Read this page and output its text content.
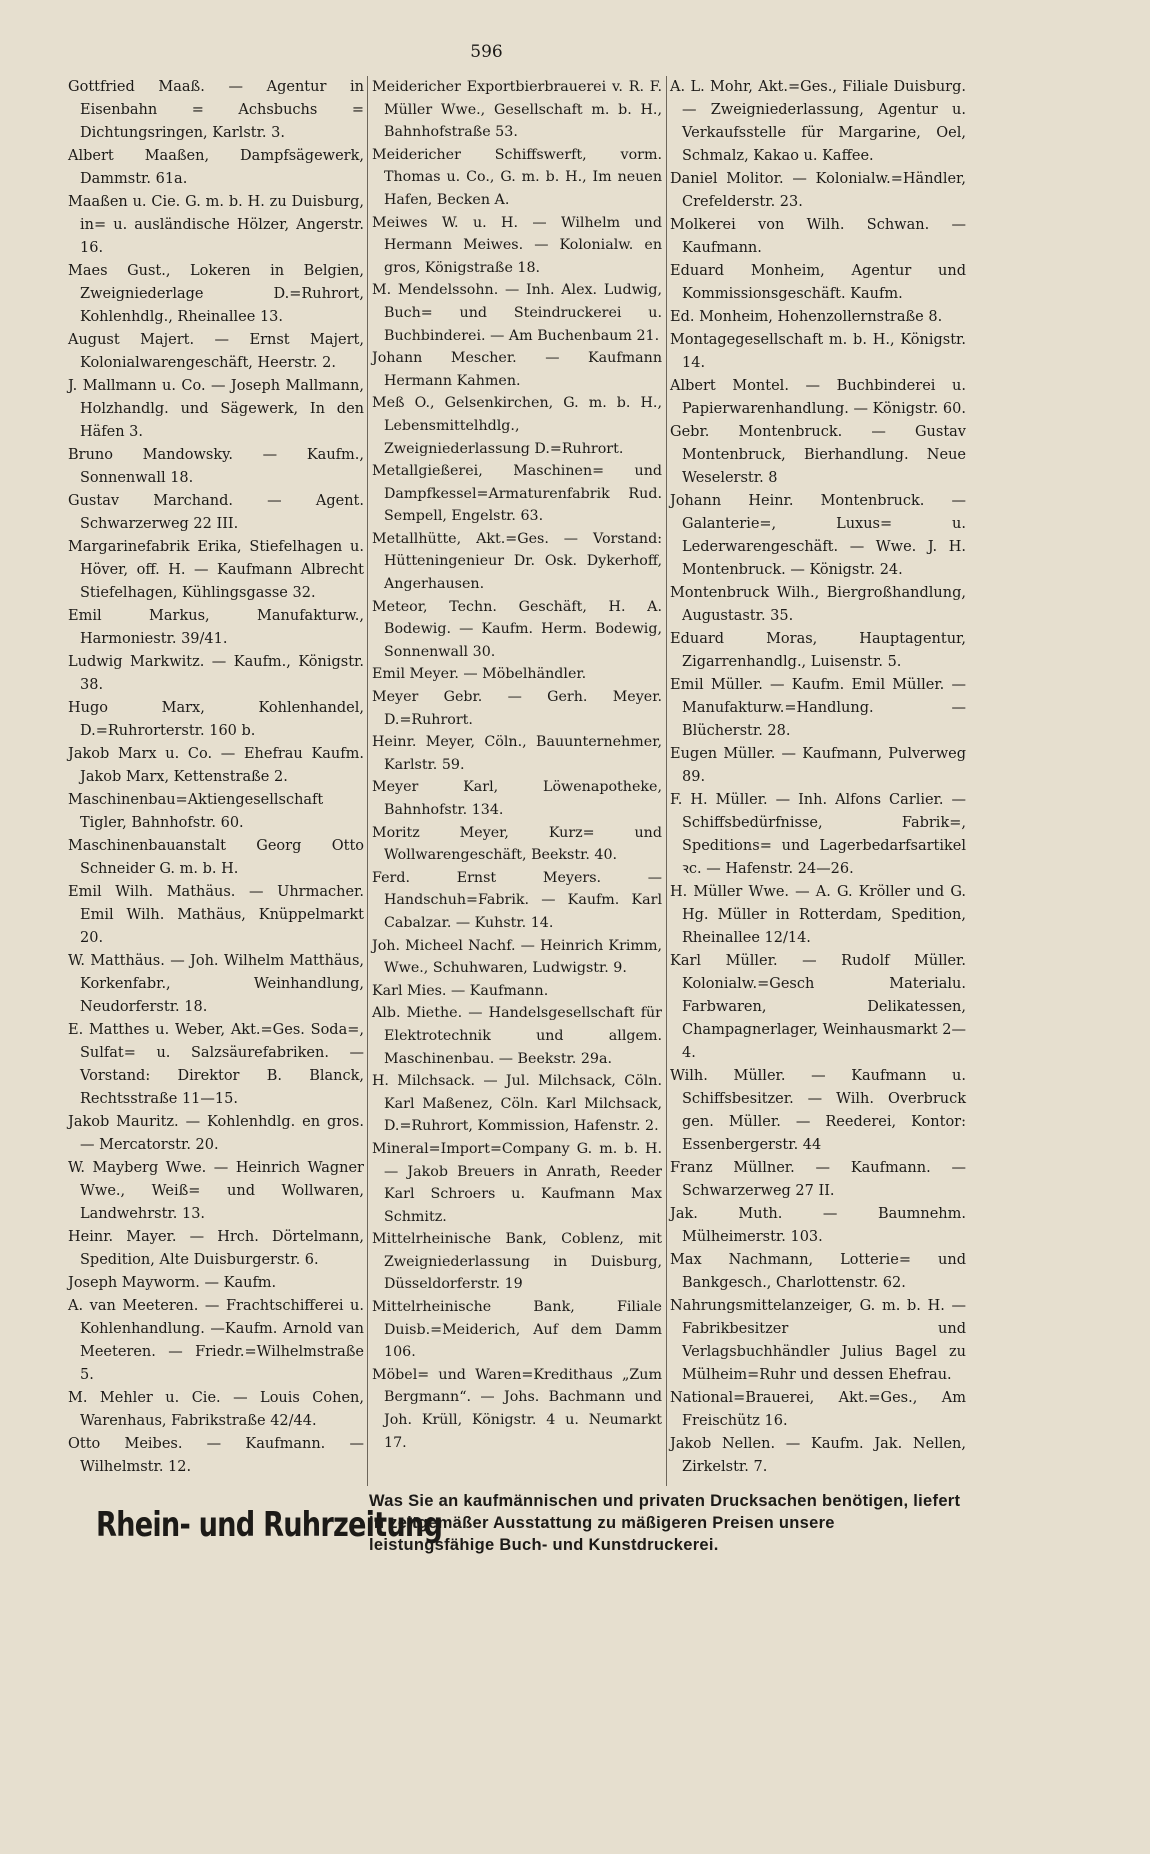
596

Gottfried Maaß. — Agentur in Eisenbahn = Achsbuchs = Dichtungsringen, Karlstr. 3.

Albert Maaßen, Dampfsägewerk, Dammstr. 61a.

Maaßen u. Cie. G. m. b. H. zu Duisburg, in= u. ausländische Hölzer, Angerstr. 16.

Maes Gust., Lokeren in Belgien, Zweigniederlage D.=Ruhrort, Kohlenhdlg., Rheinallee 13.

August Majert. — Ernst Majert, Kolonialwarengeschäft, Heerstr. 2.

J. Mallmann u. Co. — Joseph Mallmann, Holzhandlg. und Sägewerk, In den Häfen 3.

Bruno Mandowsky. — Kaufm., Sonnenwall 18.

Gustav Marchand. — Agent. Schwarzerweg 22 III.

Margarinefabrik Erika, Stiefelhagen u. Höver, off. H. — Kaufmann Albrecht Stiefelhagen, Kühlingsgasse 32.

Emil Markus, Manufakturw., Harmoniestr. 39/41.

Ludwig Markwitz. — Kaufm., Königstr. 38.

Hugo Marx, Kohlenhandel, D.=Ruhrorterstr. 160 b.

Jakob Marx u. Co. — Ehefrau Kaufm. Jakob Marx, Kettenstraße 2.

Maschinenbau=Aktiengesellschaft Tigler, Bahnhofstr. 60.

Maschinenbauanstalt Georg Otto Schneider G. m. b. H.

Emil Wilh. Mathäus. — Uhrmacher. Emil Wilh. Mathäus, Knüppelmarkt 20.

W. Matthäus. — Joh. Wilhelm Matthäus, Korkenfabr., Weinhandlung, Neudorferstr. 18.

E. Matthes u. Weber, Akt.=Ges. Soda=, Sulfat= u. Salzsäurefabriken. — Vorstand: Direktor B. Blanck, Rechtsstraße 11—15.

Jakob Mauritz. — Kohlenhdlg. en gros. — Mercatorstr. 20.

W. Mayberg Wwe. — Heinrich Wagner Wwe., Weiß= und Wollwaren, Landwehrstr. 13.

Heinr. Mayer. — Hrch. Dörtelmann, Spedition, Alte Duisburgerstr. 6.

Joseph Mayworm. — Kaufm.

A. van Meeteren. — Frachtschifferei u. Kohlenhandlung. —Kaufm. Arnold van Meeteren. — Friedr.=Wilhelmstraße 5.

M. Mehler u. Cie. — Louis Cohen, Warenhaus, Fabrikstraße 42/44.

Otto Meibes. — Kaufmann. — Wilhelmstr. 12.

Meidericher Exportbierbrauerei v. R. F. Müller Wwe., Gesellschaft m. b. H., Bahnhofstraße 53.

Meidericher Schiffswerft, vorm. Thomas u. Co., G. m. b. H., Im neuen Hafen, Becken A.

Meiwes W. u. H. — Wilhelm und Hermann Meiwes. — Kolonialw. en gros, Königstraße 18.

M. Mendelssohn. — Inh. Alex. Ludwig, Buch= und Steindruckerei u. Buchbinderei. — Am Buchenbaum 21.

Johann Mescher. — Kaufmann Hermann Kahmen.

Meß O., Gelsenkirchen, G. m. b. H., Lebensmittelhdlg., Zweigniederlassung D.=Ruhrort.

Metallgießerei, Maschinen= und Dampfkessel=Armaturenfabrik Rud. Sempell, Engelstr. 63.

Metallhütte, Akt.=Ges. — Vorstand: Hütteningenieur Dr. Osk. Dykerhoff, Angerhausen.

Meteor, Techn. Geschäft, H. A. Bodewig. — Kaufm. Herm. Bodewig, Sonnenwall 30.

Emil Meyer. — Möbelhändler.

Meyer Gebr. — Gerh. Meyer. D.=Ruhrort.

Heinr. Meyer, Cöln., Bauunternehmer, Karlstr. 59.

Meyer Karl, Löwenapotheke, Bahnhofstr. 134.

Moritz Meyer, Kurz= und Wollwarengeschäft, Beekstr. 40.

Ferd. Ernst Meyers. — Handschuh=Fabrik. — Kaufm. Karl Cabalzar. — Kuhstr. 14.

Joh. Micheel Nachf. — Heinrich Krimm, Wwe., Schuhwaren, Ludwigstr. 9.

Karl Mies. — Kaufmann.

Alb. Miethe. — Handelsgesellschaft für Elektrotechnik und allgem. Maschinenbau. — Beekstr. 29a.

H. Milchsack. — Jul. Milchsack, Cöln. Karl Maßenez, Cöln. Karl Milchsack, D.=Ruhrort, Kommission, Hafenstr. 2.

Mineral=Import=Company G. m. b. H. — Jakob Breuers in Anrath, Reeder Karl Schroers u. Kaufmann Max Schmitz.

Mittelrheinische Bank, Coblenz, mit Zweigniederlassung in Duisburg, Düsseldorferstr. 19

Mittelrheinische Bank, Filiale Duisb.=Meiderich, Auf dem Damm 106.

Möbel= und Waren=Kredithaus „Zum Bergmann“. — Johs. Bachmann und Joh. Krüll, Königstr. 4 u. Neumarkt 17.

A. L. Mohr, Akt.=Ges., Filiale Duisburg. — Zweigniederlassung, Agentur u. Verkaufsstelle für Margarine, Oel, Schmalz, Kakao u. Kaffee.

Daniel Molitor. — Kolonialw.=Händler, Crefelderstr. 23.

Molkerei von Wilh. Schwan. — Kaufmann.

Eduard Monheim, Agentur und Kommissionsgeschäft. Kaufm.

Ed. Monheim, Hohenzollernstraße 8.

Montagegesellschaft m. b. H., Königstr. 14.

Albert Montel. — Buchbinderei u. Papierwarenhandlung. — Königstr. 60.

Gebr. Montenbruck. — Gustav Montenbruck, Bierhandlung. Neue Weselerstr. 8

Johann Heinr. Montenbruck. — Galanterie=, Luxus= u. Lederwarengeschäft. — Wwe. J. H. Montenbruck. — Königstr. 24.

Montenbruck Wilh., Biergroßhandlung, Augustastr. 35.

Eduard Moras, Hauptagentur, Zigarrenhandlg., Luisenstr. 5.

Emil Müller. — Kaufm. Emil Müller. — Manufakturw.=Handlung. — Blücherstr. 28.

Eugen Müller. — Kaufmann, Pulverweg 89.

F. H. Müller. — Inh. Alfons Carlier. — Schiffsbedürfnisse, Fabrik=, Speditions= und Lagerbedarfsartikel ꝛc. — Hafenstr. 24—26.

H. Müller Wwe. — A. G. Kröller und G. Hg. Müller in Rotterdam, Spedition, Rheinallee 12/14.

Karl Müller. — Rudolf Müller. Kolonialw.=Gesch Materialu. Farbwaren, Delikatessen, Champagnerlager, Weinhausmarkt 2—4.

Wilh. Müller. — Kaufmann u. Schiffsbesitzer. — Wilh. Overbruck gen. Müller. — Reederei, Kontor: Essenbergerstr. 44

Franz Müllner. — Kaufmann. — Schwarzerweg 27 II.

Jak. Muth. — Baumnehm. Mülheimerstr. 103.

Max Nachmann, Lotterie= und Bankgesch., Charlottenstr. 62.

Nahrungsmittelanzeiger, G. m. b. H. — Fabrikbesitzer und Verlagsbuchhändler Julius Bagel zu Mülheim=Ruhr und dessen Ehefrau.

National=Brauerei, Akt.=Ges., Am Freischütz 16.

Jakob Nellen. — Kaufm. Jak. Nellen, Zirkelstr. 7.

Rhein- und Ruhrzeitung
Was Sie an kaufmännischen und privaten Drucksachen benötigen, liefert in zeitgemäßer Ausstattung zu mäßigeren Preisen unsere leistungsfähige Buch- und Kunstdruckerei.
